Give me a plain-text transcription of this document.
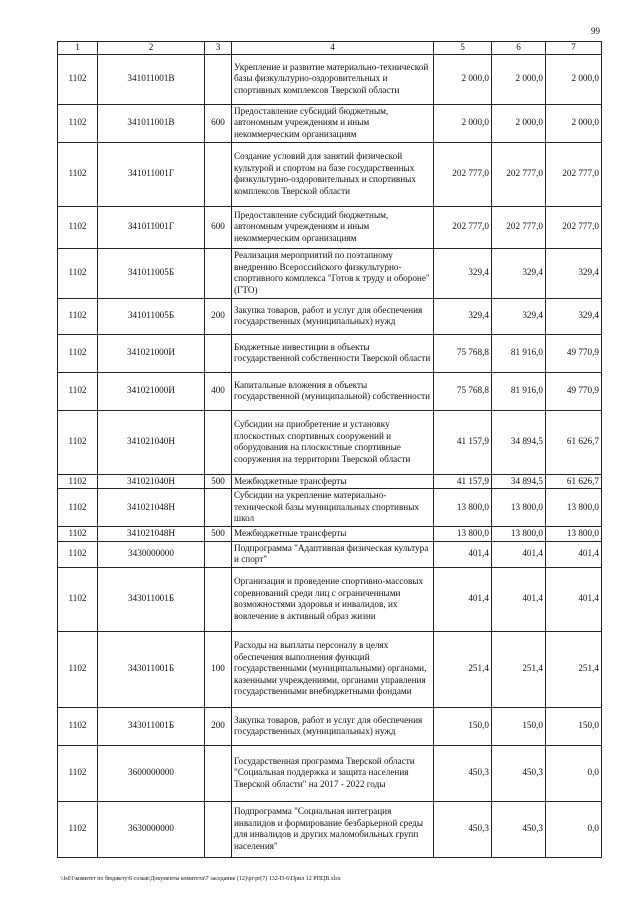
99
1	2	3	4	5	6	7
1102	341011001В		Укрепление и развитие материально-технической базы физкультурно-оздоровительных и спортивных комплексов Тверской области	2 000,0	2 000,0	2 000,0
1102	341011001В	600	Предоставление субсидий бюджетным, автономным учреждениям и иным некоммерческим организациям	2 000,0	2 000,0	2 000,0
1102	341011001Г		Создание условий для занятий физической культурой и спортом на базе государственных физкультурно-оздоровительных и спортивных комплексов Тверской области	202 777,0	202 777,0	202 777,0
1102	341011001Г	600	Предоставление субсидий бюджетным, автономным учреждениям и иным некоммерческим организациям	202 777,0	202 777,0	202 777,0
1102	341011005Б		Реализация мероприятий по поэтапному внедрению Всероссийского физкультурно-спортивного комплекса "Готов к труду и обороне" (ГТО)	329,4	329,4	329,4
1102	341011005Б	200	Закупка товаров, работ и услуг для обеспечения государственных (муниципальных) нужд	329,4	329,4	329,4
1102	341021000И		Бюджетные инвестиции в объекты государственной собственности Тверской области	75 768,8	81 916,0	49 770,9
1102	341021000И	400	Капитальные вложения в объекты государственной (муниципальной) собственности	75 768,8	81 916,0	49 770,9
1102	341021040Н		Субсидии на приобретение и установку плоскостных спортивных сооружений и оборудования на плоскостные спортивные сооружения на территории Тверской области	41 157,9	34 894,5	61 626,7
1102	341021040Н	500	Межбюджетные трансферты	41 157,9	34 894,5	61 626,7
1102	341021048Н		Субсидии на укрепление материально-технической базы муниципальных спортивных школ	13 800,0	13 800,0	13 800,0
1102	341021048Н	500	Межбюджетные трансферты	13 800,0	13 800,0	13 800,0
1102	3430000000		Подпрограмма "Адаптивная физическая культура и спорт"	401,4	401,4	401,4
1102	343011001Б		Организация и проведение спортивно-массовых соревнований среди лиц с ограниченными возможностями здоровья и инвалидов, их вовлечение в активный образ жизни	401,4	401,4	401,4
1102	343011001Б	100	Расходы на выплаты персоналу в целях обеспечения выполнения функций государственными (муниципальными) органами, казенными учреждениями, органами управления государственными внебюджетными фондами	251,4	251,4	251,4
1102	343011001Б	200	Закупка товаров, работ и услуг для обеспечения государственных (муниципальных) нужд	150,0	150,0	150,0
1102	3600000000		Государственная программа Тверской области "Социальная поддержка и защита населения Тверской области" на 2017 - 2022 годы	450,3	450,3	0,0
1102	3630000000		Подпрограмма "Социальная интеграция инвалидов и формирование безбарьерной среды для инвалидов и других маломобильных групп населения"	450,3	450,3	0,0
\\fs01\комитет по бюджету\6 созыв\Документы комитета\7 заседание (12)\pr\pr(7) 132-П-6\Прил 12 РПЦВ.xlsx
